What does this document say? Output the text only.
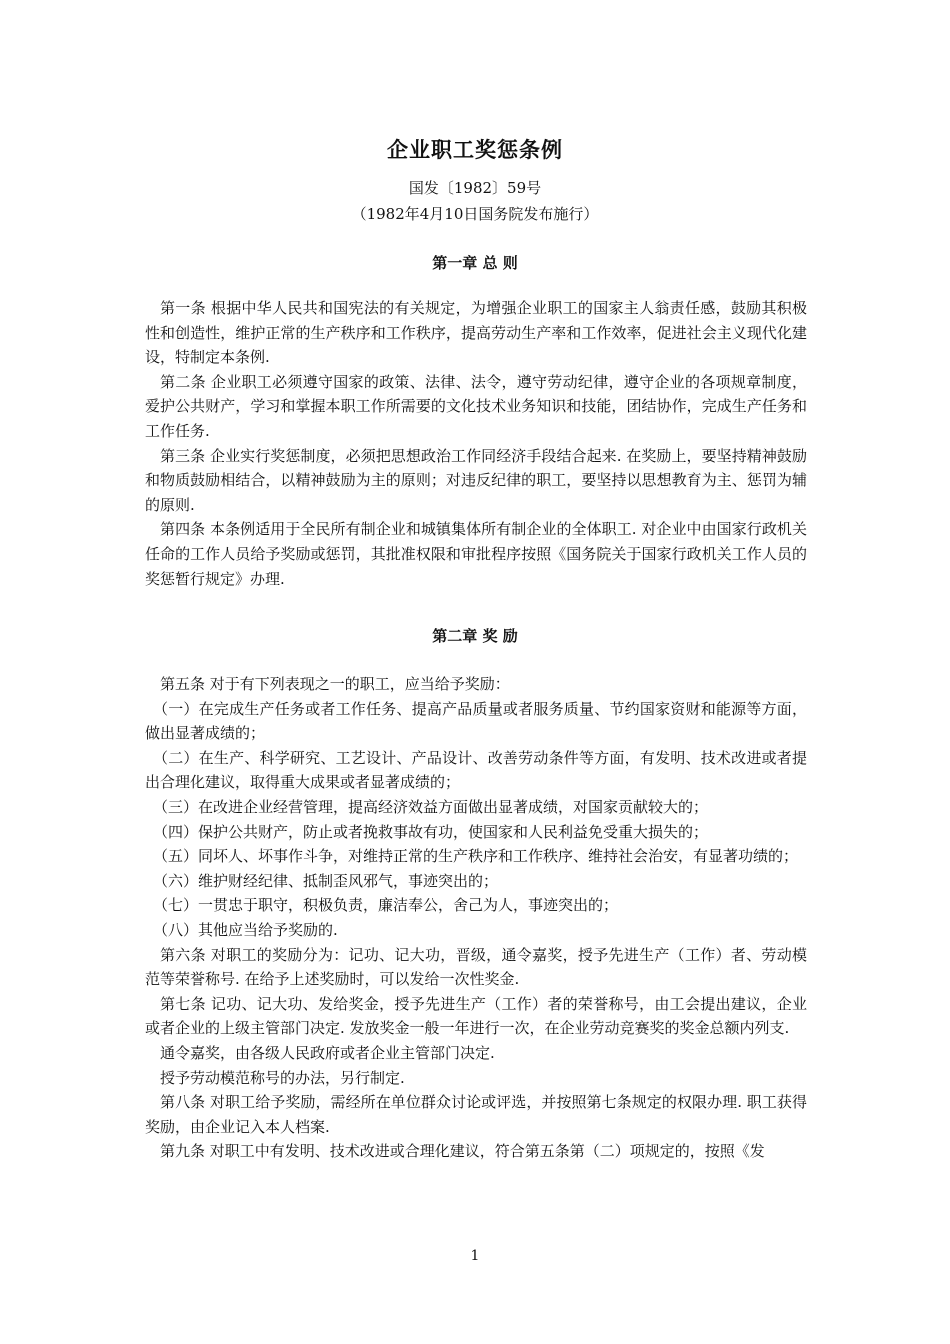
企业职工奖惩条例
国发〔1982〕59号
（1982年4月10日国务院发布施行）
第一章 总 则

第一条 根据中华人民共和国宪法的有关规定，为增强企业职工的国家主人翁责任感，鼓励其积极性和创造性，维护正常的生产秩序和工作秩序，提高劳动生产率和工作效率，促进社会主义现代化建设，特制定本条例.

第二条 企业职工必须遵守国家的政策、法律、法令，遵守劳动纪律，遵守企业的各项规章制度，爱护公共财产，学习和掌握本职工作所需要的文化技术业务知识和技能，团结协作，完成生产任务和工作任务.

第三条 企业实行奖惩制度，必须把思想政治工作同经济手段结合起来. 在奖励上，要坚持精神鼓励和物质鼓励相结合，以精神鼓励为主的原则；对违反纪律的职工，要坚持以思想教育为主、惩罚为辅的原则.

第四条 本条例适用于全民所有制企业和城镇集体所有制企业的全体职工. 对企业中由国家行政机关任命的工作人员给予奖励或惩罚，其批准权限和审批程序按照《国务院关于国家行政机关工作人员的奖惩暂行规定》办理.

第二章 奖 励

第五条 对于有下列表现之一的职工，应当给予奖励：

（一）在完成生产任务或者工作任务、提高产品质量或者服务质量、节约国家资财和能源等方面，做出显著成绩的；

（二）在生产、科学研究、工艺设计、产品设计、改善劳动条件等方面，有发明、技术改进或者提出合理化建议，取得重大成果或者显著成绩的；

（三）在改进企业经营管理，提高经济效益方面做出显著成绩，对国家贡献较大的；

（四）保护公共财产，防止或者挽救事故有功，使国家和人民利益免受重大损失的；

（五）同坏人、坏事作斗争，对维持正常的生产秩序和工作秩序、维持社会治安，有显著功绩的；

（六）维护财经纪律、抵制歪风邪气，事迹突出的；

（七）一贯忠于职守，积极负责，廉洁奉公，舍己为人，事迹突出的；

（八）其他应当给予奖励的.

第六条 对职工的奖励分为：记功、记大功，晋级，通令嘉奖，授予先进生产（工作）者、劳动模范等荣誉称号. 在给予上述奖励时，可以发给一次性奖金.

第七条 记功、记大功、发给奖金，授予先进生产（工作）者的荣誉称号，由工会提出建议，企业或者企业的上级主管部门决定. 发放奖金一般一年进行一次，在企业劳动竞赛奖的奖金总额内列支.

通令嘉奖，由各级人民政府或者企业主管部门决定.

授予劳动模范称号的办法，另行制定.

第八条 对职工给予奖励，需经所在单位群众讨论或评选，并按照第七条规定的权限办理. 职工获得奖励，由企业记入本人档案.

第九条 对职工中有发明、技术改进或合理化建议，符合第五条第（二）项规定的，按照《发

1
